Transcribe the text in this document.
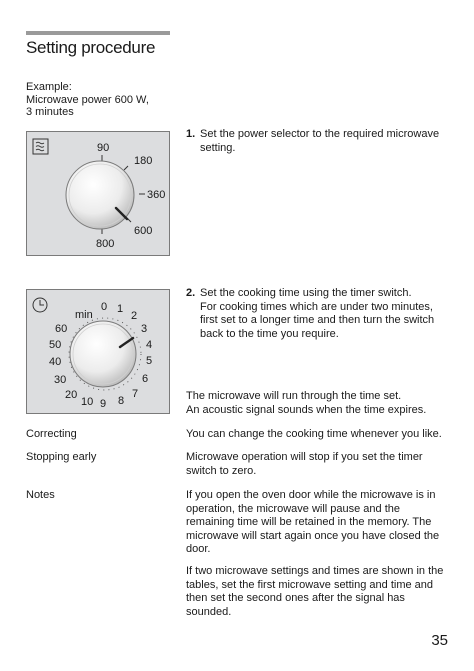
Setting procedure
Example:
Microwave power 600 W,
3 minutes
90
180
360
600
800
min
0 1
2
3
4
5
6
7
8
9
10
20
30
40
50
60
1. Set the power selector to the required microwave
setting.
2. Set the cooking time using the timer switch.
For cooking times which are under two minutes,
first set to a longer time and then turn the switch
back to the time you require.
The microwave will run through the time set.
An acoustic signal sounds when the time expires.
Correcting	You can change the cooking time whenever you like.
Stopping early	Microwave operation will stop if you set the timer
switch to zero.
Notes	If you open the oven door while the microwave is in
operation, the microwave will pause and the
remaining time will be retained in the memory. The
microwave will start again once you have closed the
door.
If two microwave settings and times are shown in the
tables, set the first microwave setting and time and
then set the second ones after the signal has
sounded.
35
